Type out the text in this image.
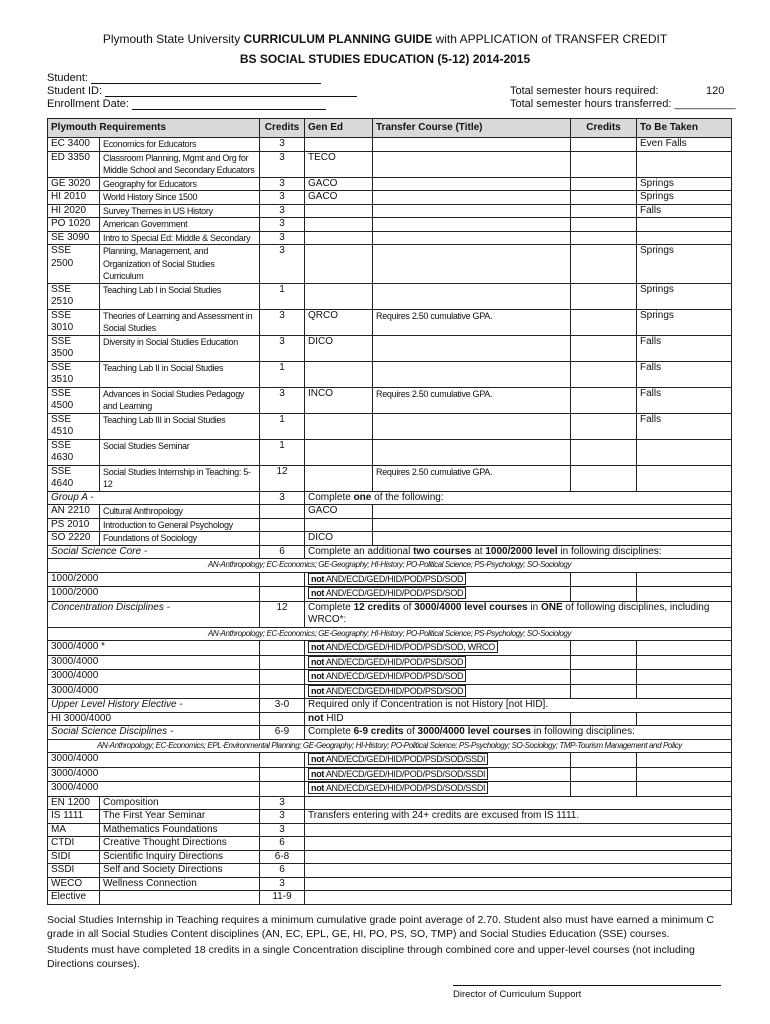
Plymouth State University CURRICULUM PLANNING GUIDE with APPLICATION of TRANSFER CREDIT
BS SOCIAL STUDIES EDUCATION (5-12) 2014-2015
Student:
Student ID:
Enrollment Date:
Total semester hours required:	120
Total semester hours transferred: __________
Plymouth Requirements		Credits	Gen Ed	Transfer Course (Title)	Credits	To Be Taken
EC 3400	Economics for Educators	3				Even Falls
ED 3350	Classroom Planning, Mgmt and Org for Middle School and Secondary Educators	3	TECO			
GE 3020	Geography for Educators	3	GACO			Springs
HI 2010	World History Since 1500	3	GACO			Springs
HI 2020	Survey Themes in US History	3				Falls
PO 1020	American Government	3				
SE 3090	Intro to Special Ed: Middle & Secondary	3				
SSE 2500	Planning, Management, and Organization of Social Studies Curriculum	3				Springs
SSE 2510	Teaching Lab I in Social Studies	1				Springs
SSE 3010	Theories of Learning and Assessment in Social Studies	3	QRCO	Requires 2.50 cumulative GPA.		Springs
SSE 3500	Diversity in Social Studies Education	3	DICO			Falls
SSE 3510	Teaching Lab II in Social Studies	1				Falls
SSE 4500	Advances in Social Studies Pedagogy and Learning	3	INCO	Requires 2.50 cumulative GPA.		Falls
SSE 4510	Teaching Lab III in Social Studies	1				Falls
SSE 4630	Social Studies Seminar	1				
SSE 4640	Social Studies Internship in Teaching: 5-12	12		Requires 2.50 cumulative GPA.		
Group A -		3	Complete one of the following:			
AN 2210	Cultural Anthropology		GACO			
PS 2010	Introduction to General Psychology					
SO 2220	Foundations of Sociology		DICO			
Social Science Core -		6	Complete an additional two courses at 1000/2000 level in following disciplines:			
AN-Anthropology; EC-Economics; GE-Geography; HI-History; PO-Political Science; PS-Psychology; SO-Sociology						
1000/2000			not AND/ECD/GED/HID/POD/PSD/SOD			
1000/2000			not AND/ECD/GED/HID/POD/PSD/SOD			
Concentration Disciplines -		12	Complete 12 credits of 3000/4000 level courses in ONE of following disciplines, including WRCO*:			
AN-Anthropology; EC-Economics; GE-Geography; HI-History; PO-Political Science; PS-Psychology; SO-Sociology						
3000/4000 *			not AND/ECD/GED/HID/POD/PSD/SOD, WRCO			
3000/4000			not AND/ECD/GED/HID/POD/PSD/SOD			
3000/4000			not AND/ECD/GED/HID/POD/PSD/SOD			
3000/4000			not AND/ECD/GED/HID/POD/PSD/SOD			
Upper Level History Elective -		3-0	Required only if Concentration is not History [not HID].			
HI 3000/4000			not HID			
Social Science Disciplines -		6-9	Complete 6-9 credits of 3000/4000 level courses in following disciplines:			
AN-Anthropology; EC-Economics; EPL-Environmental Planning; GE-Geography; HI-History; PO-Political Science; PS-Psychology; SO-Sociology; TMP-Tourism Management and Policy						
3000/4000			not AND/ECD/GED/HID/POD/PSD/SOD/SSDI			
3000/4000			not AND/ECD/GED/HID/POD/PSD/SOD/SSDI			
3000/4000			not AND/ECD/GED/HID/POD/PSD/SOD/SSDI			
EN 1200	Composition	3				
IS 1111	The First Year Seminar	3	Transfers entering with 24+ credits are excused from IS 1111.			
MA	Mathematics Foundations	3				
CTDI	Creative Thought Directions	6				
SIDI	Scientific Inquiry Directions	6-8				
SSDI	Self and Society Directions	6				
WECO	Wellness Connection	3				
Elective		11-9				
Social Studies Internship in Teaching requires a minimum cumulative grade point average of 2.70. Student also must have earned a minimum C grade in all Social Studies Content disciplines (AN, EC, EPL, GE, HI, PO, PS, SO, TMP) and Social Studies Education (SSE) courses.
Students must have completed 18 credits in a single Concentration discipline through combined core and upper-level courses (not including Directions courses).
Director of Curriculum Support
